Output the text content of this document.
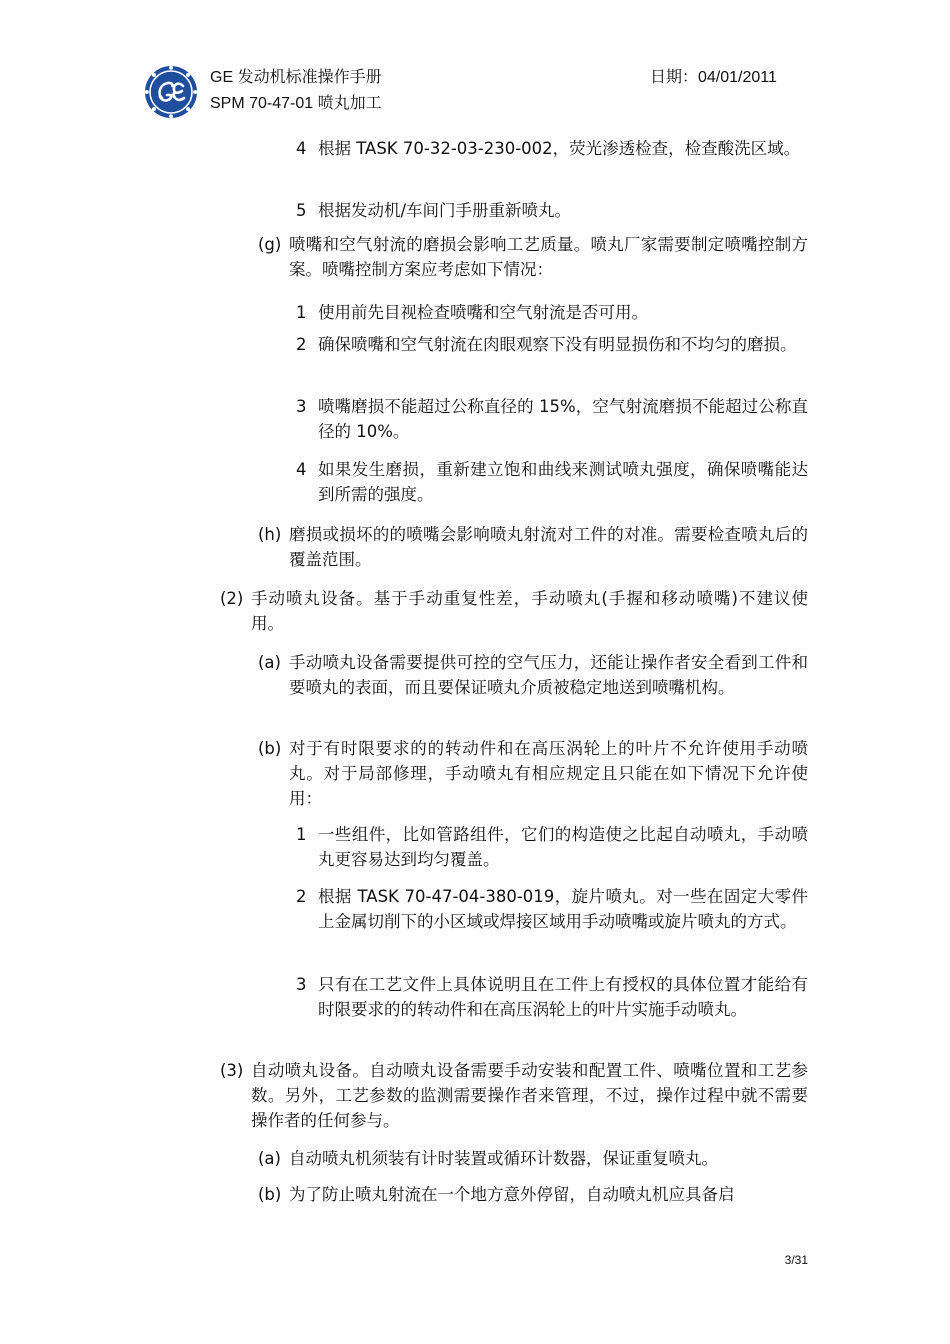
GE 发动机标准操作手册
SPM 70-47-01 喷丸加工
日期：04/01/2011
4 根据 TASK 70-32-03-230-002，荧光渗透检查，检查酸洗区域。
5 根据发动机/车间门手册重新喷丸。
(g) 喷嘴和空气射流的磨损会影响工艺质量。喷丸厂家需要制定喷嘴控制方案。喷嘴控制方案应考虑如下情况：
1 使用前先目视检查喷嘴和空气射流是否可用。
2 确保喷嘴和空气射流在肉眼观察下没有明显损伤和不均匀的磨损。
3 喷嘴磨损不能超过公称直径的 15%，空气射流磨损不能超过公称直径的 10%。
4 如果发生磨损，重新建立饱和曲线来测试喷丸强度，确保喷嘴能达到所需的强度。
(h) 磨损或损坏的的喷嘴会影响喷丸射流对工件的对准。需要检查喷丸后的覆盖范围。
(2) 手动喷丸设备。基于手动重复性差，手动喷丸(手握和移动喷嘴)不建议使用。
(a) 手动喷丸设备需要提供可控的空气压力，还能让操作者安全看到工件和要喷丸的表面，而且要保证喷丸介质被稳定地送到喷嘴机构。
(b) 对于有时限要求的的转动件和在高压涡轮上的叶片不允许使用手动喷丸。对于局部修理，手动喷丸有相应规定且只能在如下情况下允许使用：
1 一些组件，比如管路组件，它们的构造使之比起自动喷丸，手动喷丸更容易达到均匀覆盖。
2 根据 TASK 70-47-04-380-019，旋片喷丸。对一些在固定大零件上金属切削下的小区域或焊接区域用手动喷嘴或旋片喷丸的方式。
3 只有在工艺文件上具体说明且在工件上有授权的具体位置才能给有时限要求的的转动件和在高压涡轮上的叶片实施手动喷丸。
(3) 自动喷丸设备。自动喷丸设备需要手动安装和配置工件、喷嘴位置和工艺参数。另外，工艺参数的监测需要操作者来管理，不过，操作过程中就不需要操作者的任何参与。
(a) 自动喷丸机须装有计时装置或循环计数器，保证重复喷丸。
(b) 为了防止喷丸射流在一个地方意外停留，自动喷丸机应具备启
3/31
